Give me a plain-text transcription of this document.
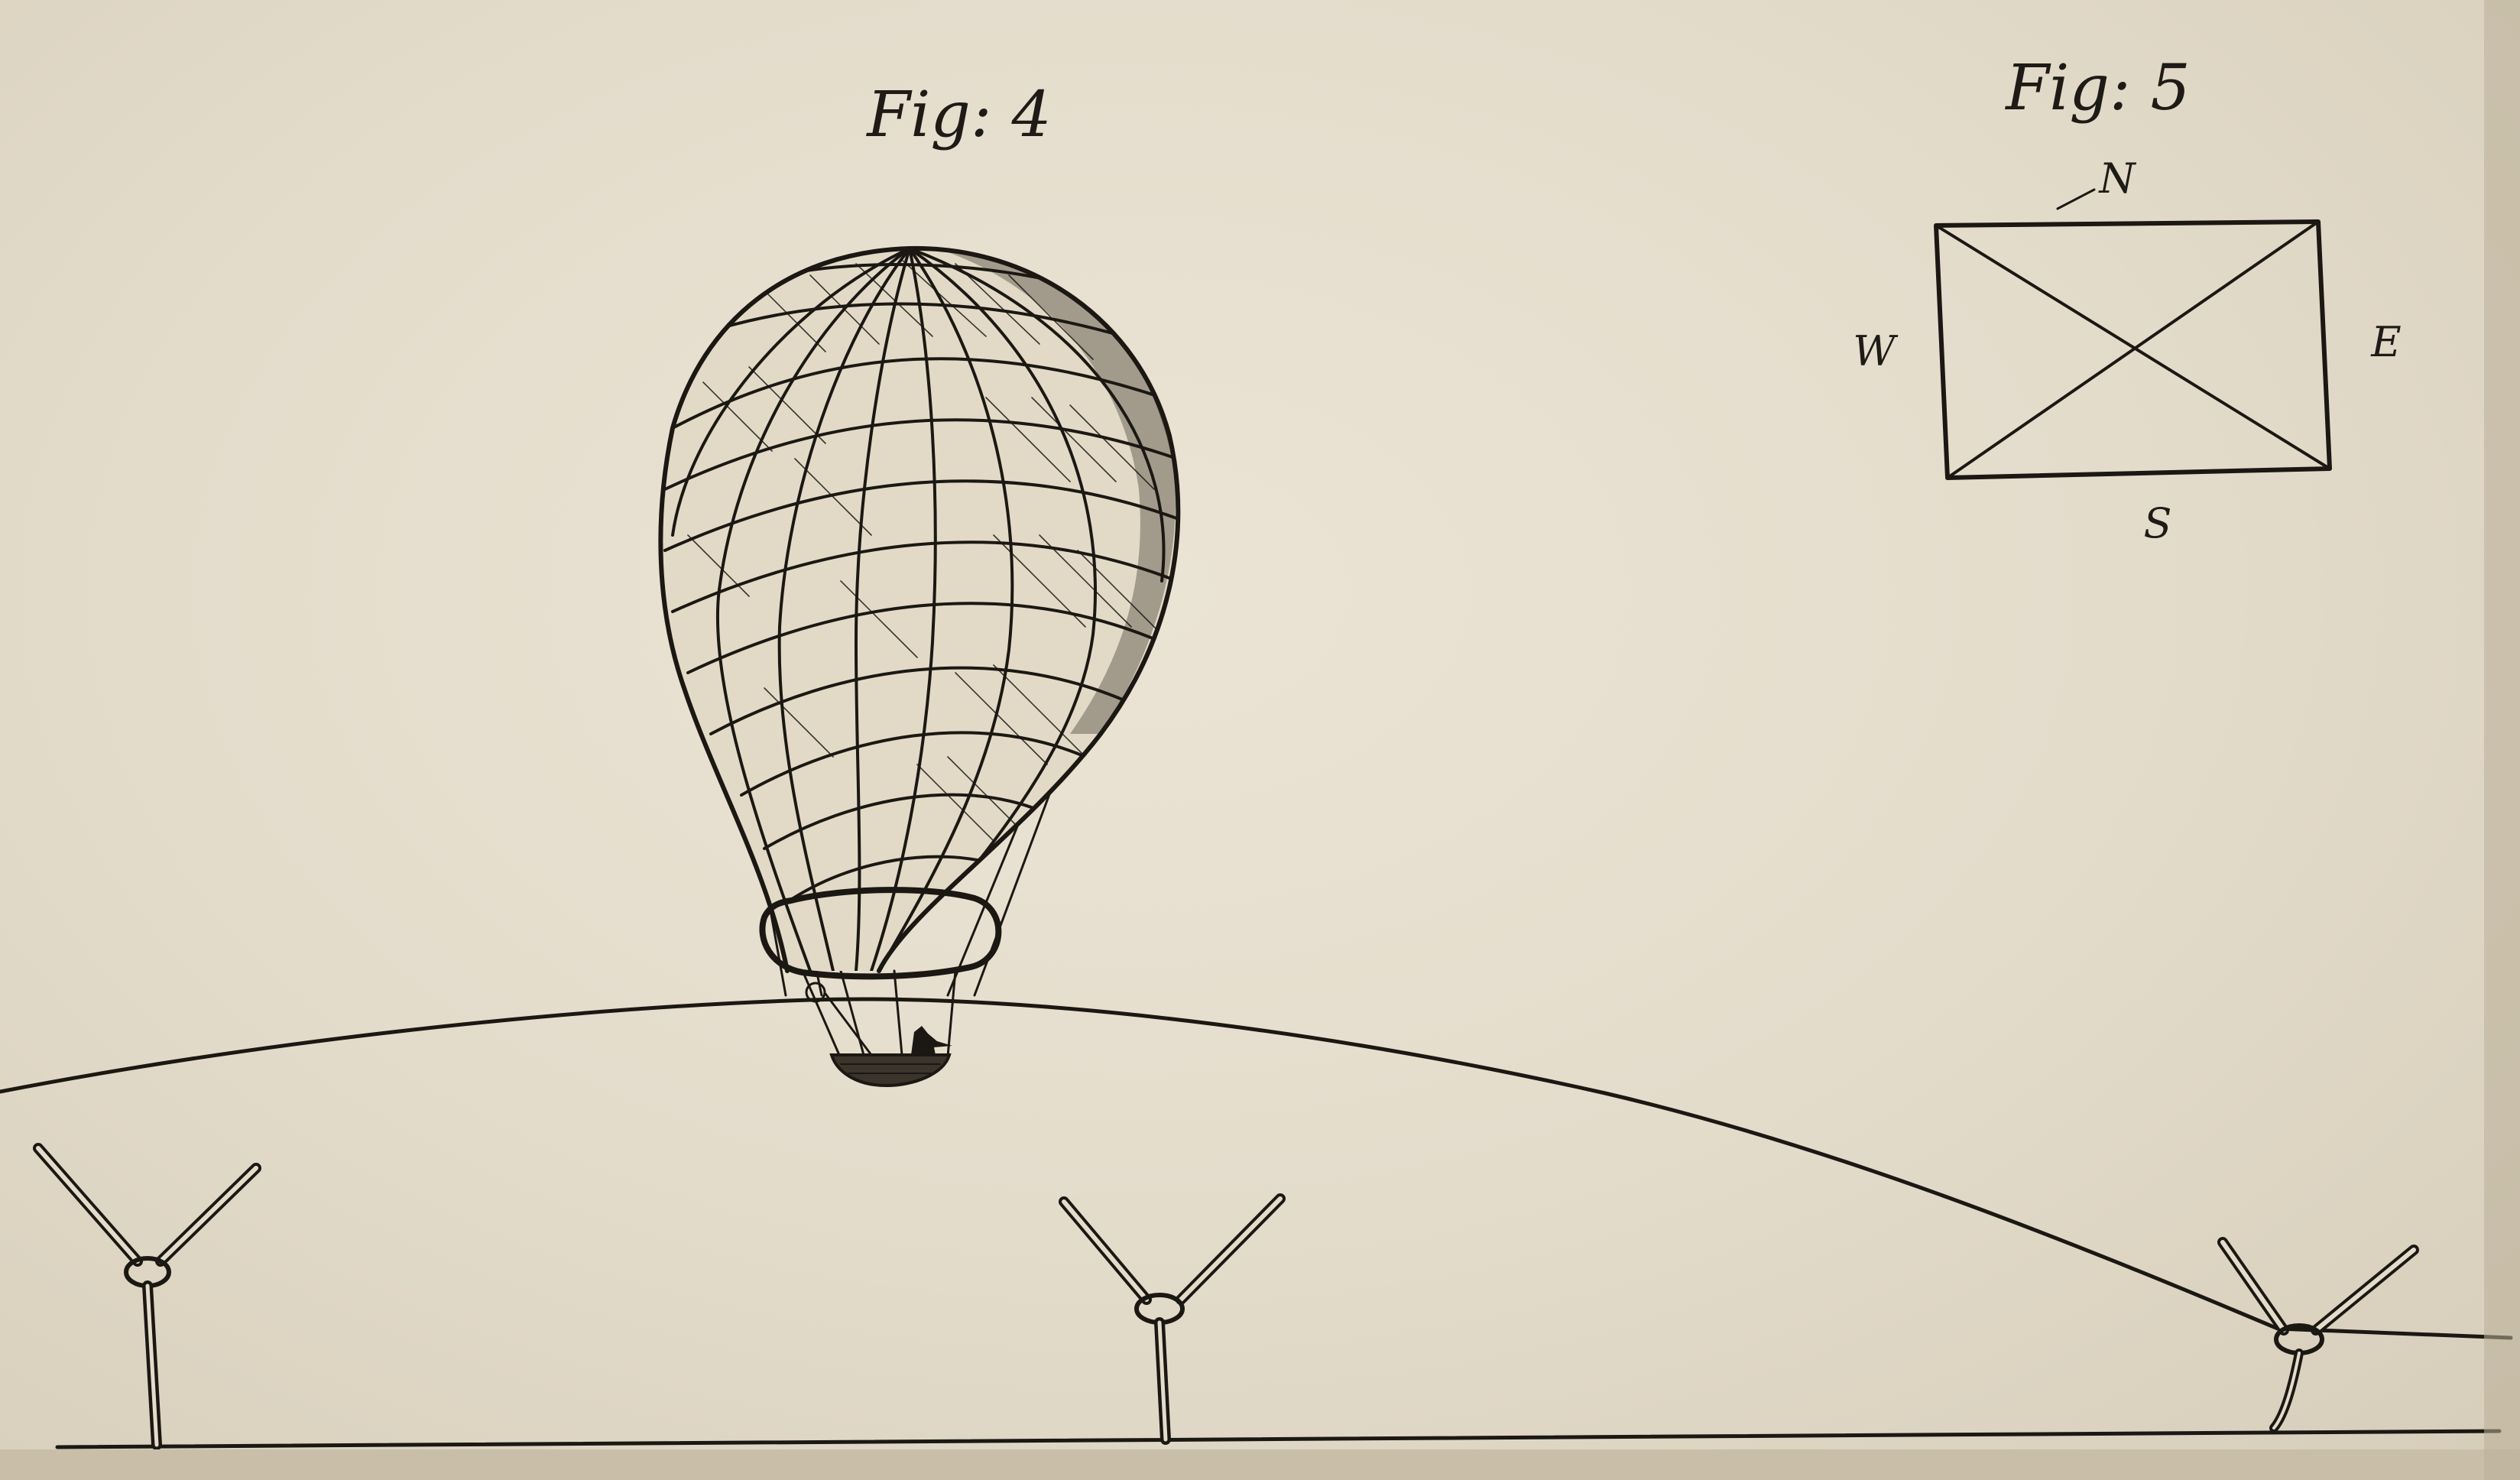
Fig: 4	Fig: 5
N
W	E
S
